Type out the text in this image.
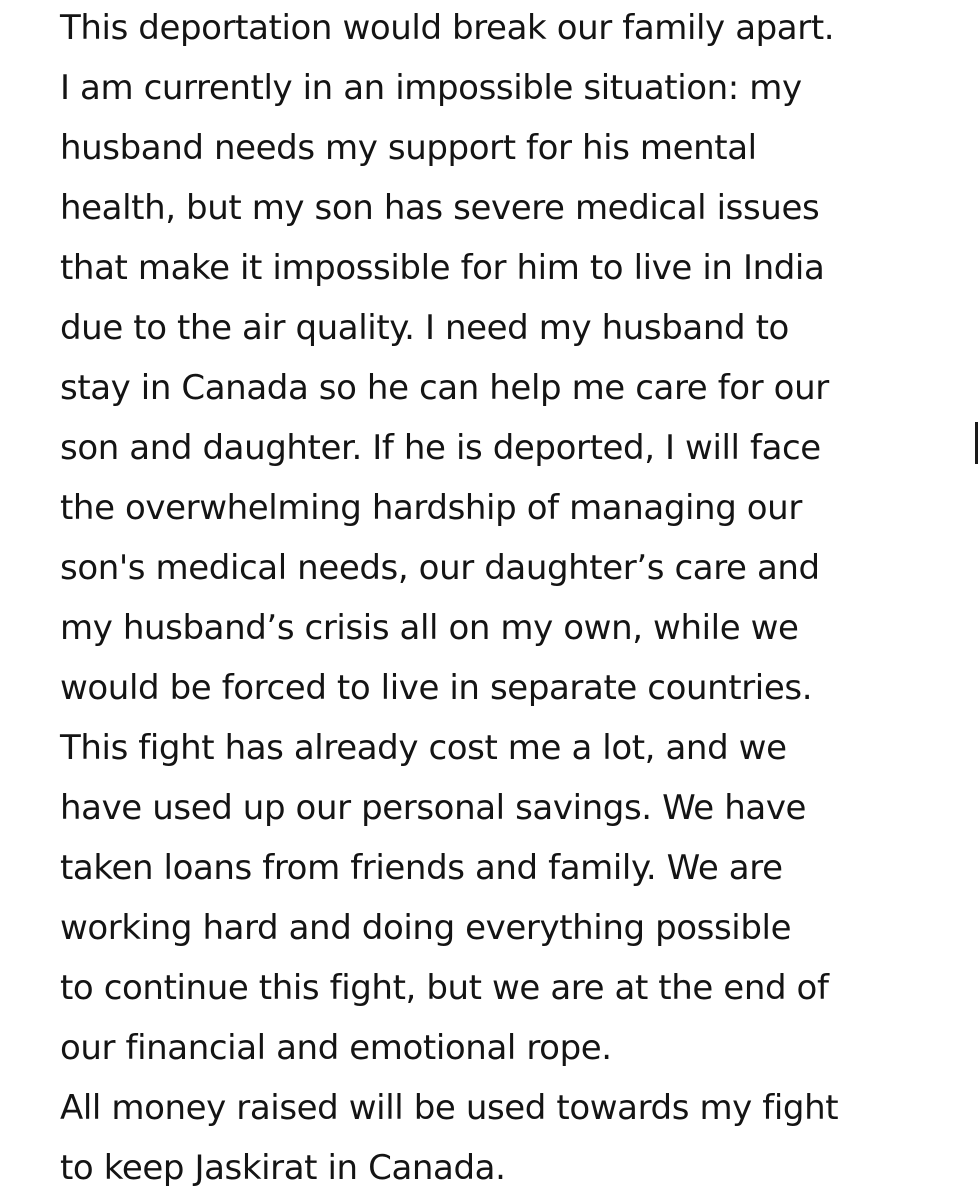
This deportation would break our family apart.
I am currently in an impossible situation: my
husband needs my support for his mental
health, but my son has severe medical issues
that make it impossible for him to live in India
due to the air quality. I need my husband to
stay in Canada so he can help me care for our
son and daughter. If he is deported, I will face
the overwhelming hardship of managing our
son's medical needs, our daughter’s care and
my husband’s crisis all on my own, while we
would be forced to live in separate countries.
This fight has already cost me a lot, and we
have used up our personal savings. We have
taken loans from friends and family. We are
working hard and doing everything possible
to continue this fight, but we are at the end of
our financial and emotional rope.
All money raised will be used towards my fight
to keep Jaskirat in Canada.
